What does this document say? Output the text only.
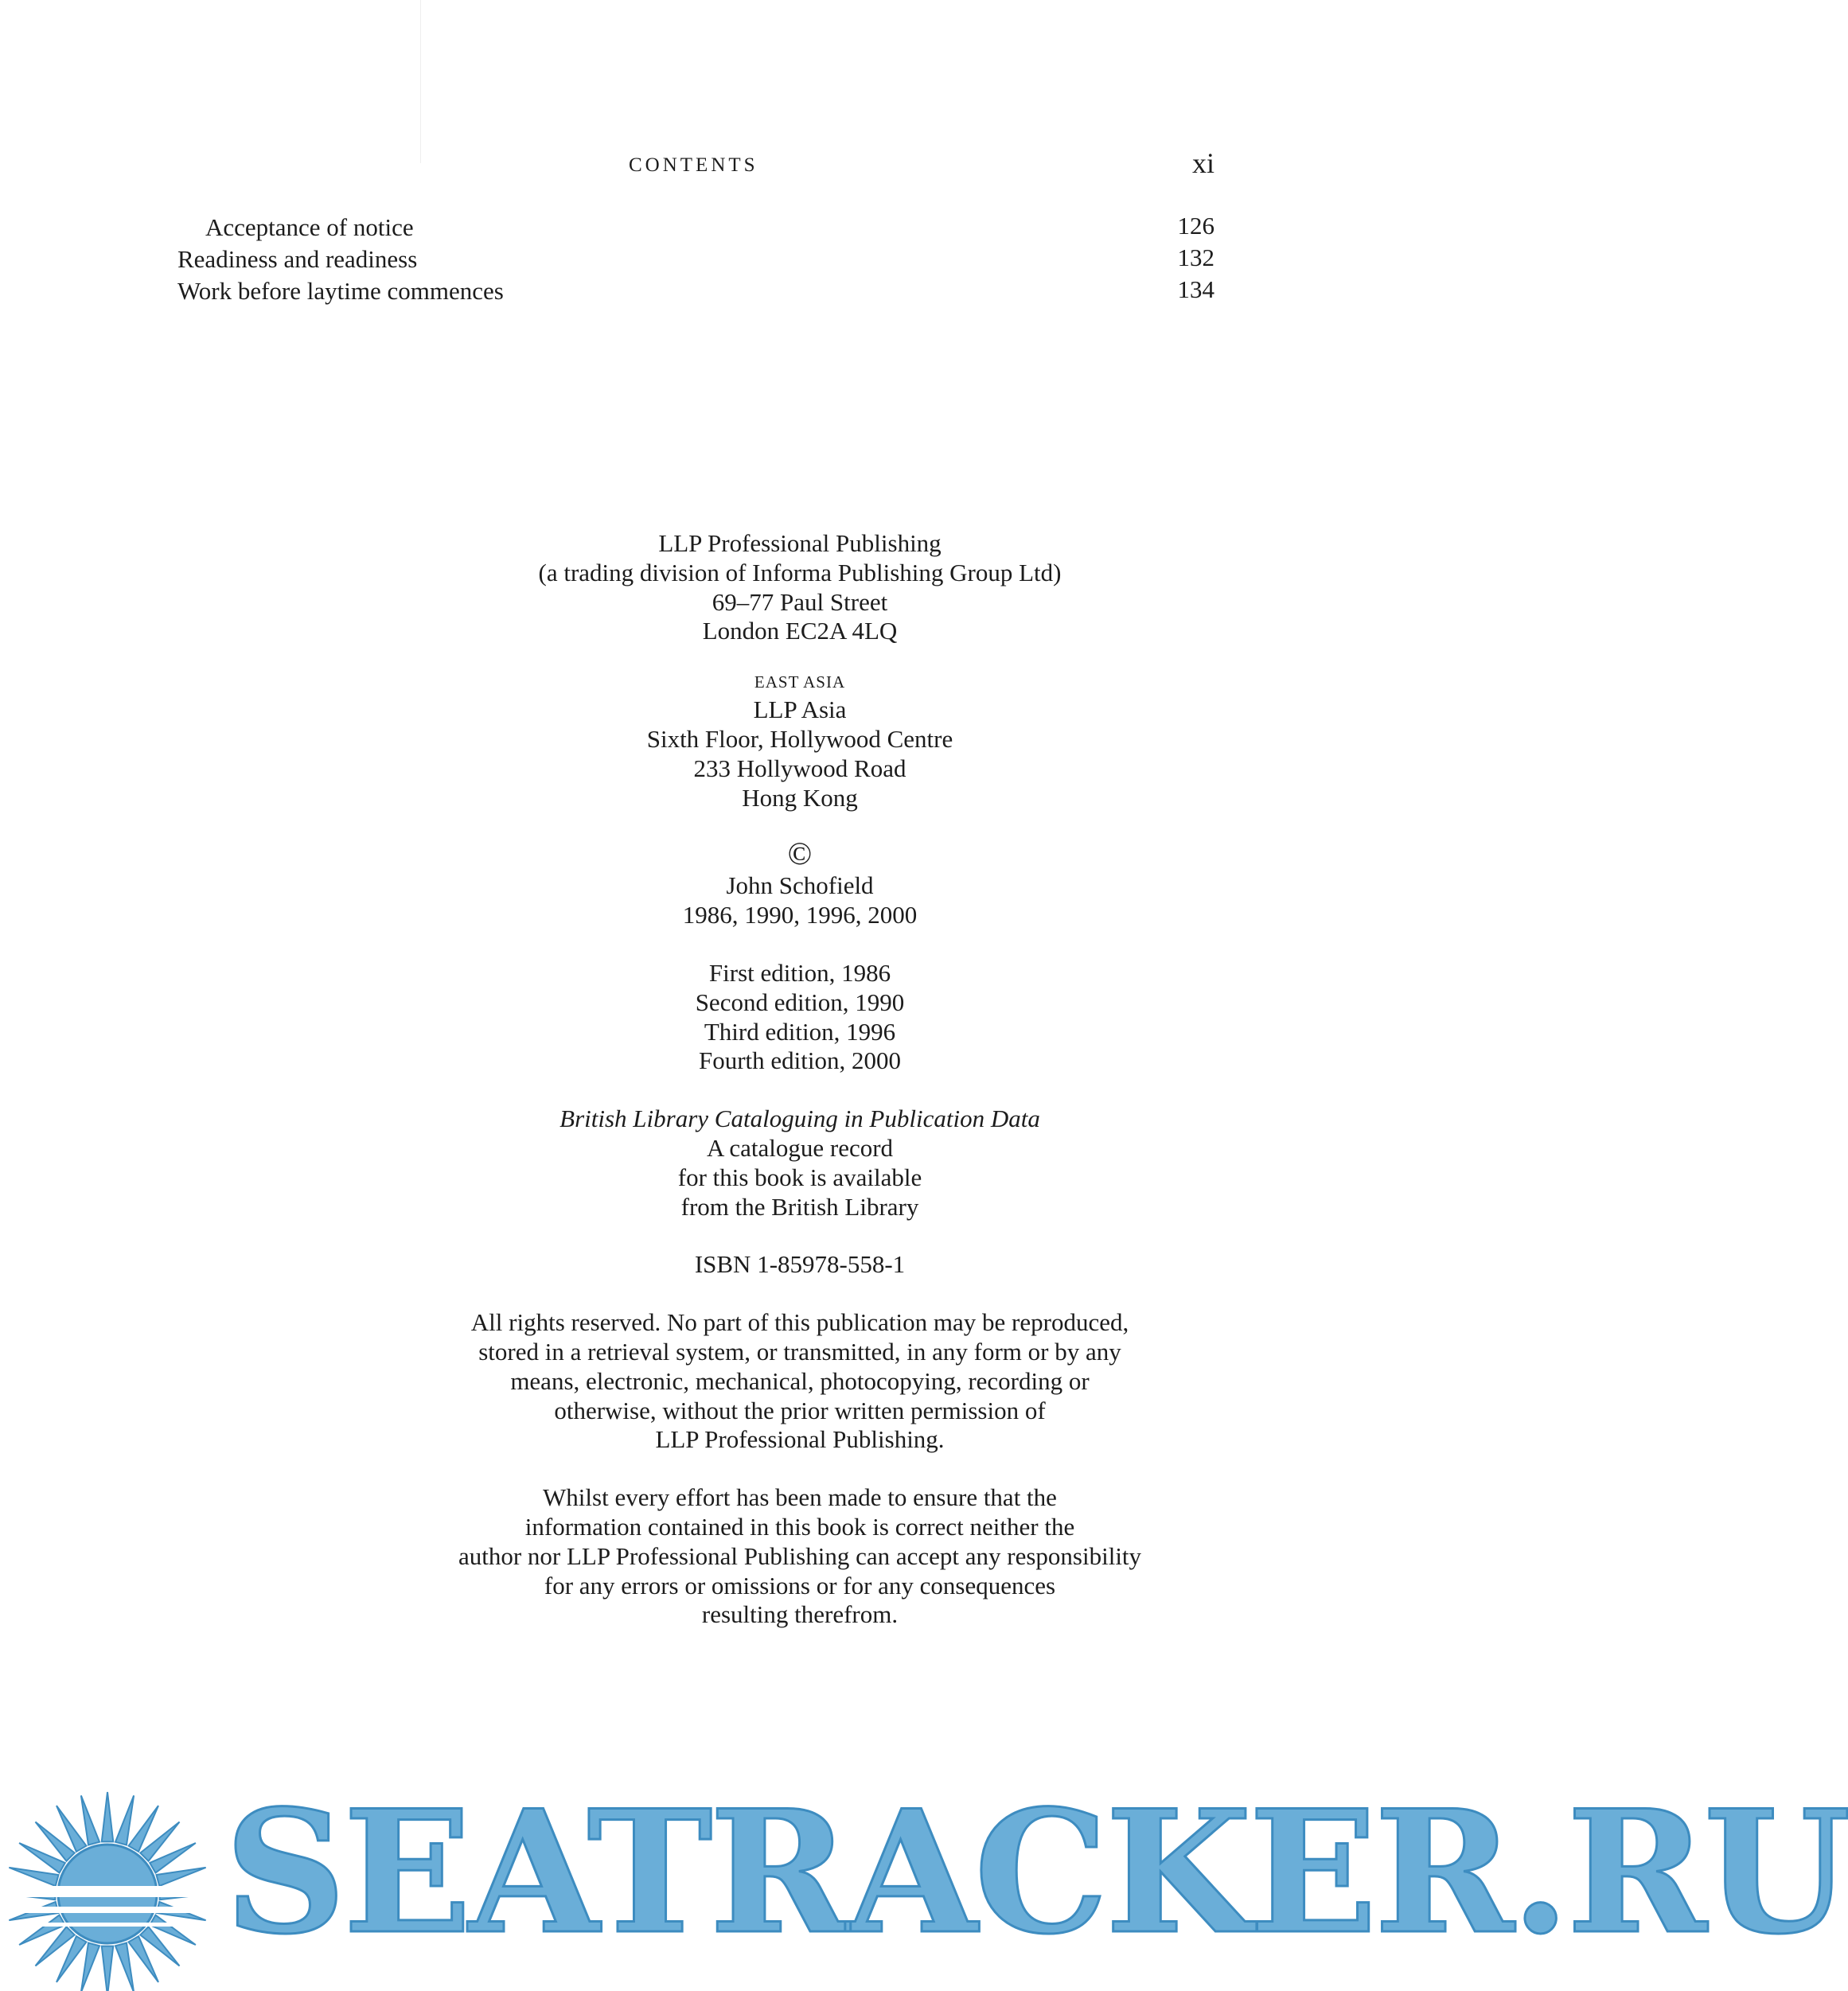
CONTENTS	xi
Acceptance of notice	126
Readiness and readiness	132
Work before laytime commences	134
LLP Professional Publishing
(a trading division of Informa Publishing Group Ltd)
69–77 Paul Street
London EC2A 4LQ
EAST ASIA
LLP Asia
Sixth Floor, Hollywood Centre
233 Hollywood Road
Hong Kong
©
John Schofield
1986, 1990, 1996, 2000
First edition, 1986
Second edition, 1990
Third edition, 1996
Fourth edition, 2000
British Library Cataloguing in Publication Data
A catalogue record
for this book is available
from the British Library
ISBN 1-85978-558-1
All rights reserved. No part of this publication may be reproduced,
stored in a retrieval system, or transmitted, in any form or by any
means, electronic, mechanical, photocopying, recording or
otherwise, without the prior written permission of
LLP Professional Publishing.
Whilst every effort has been made to ensure that the
information contained in this book is correct neither the
author nor LLP Professional Publishing can accept any responsibility
for any errors or omissions or for any consequences
resulting therefrom.
SEATRACKER.RU
